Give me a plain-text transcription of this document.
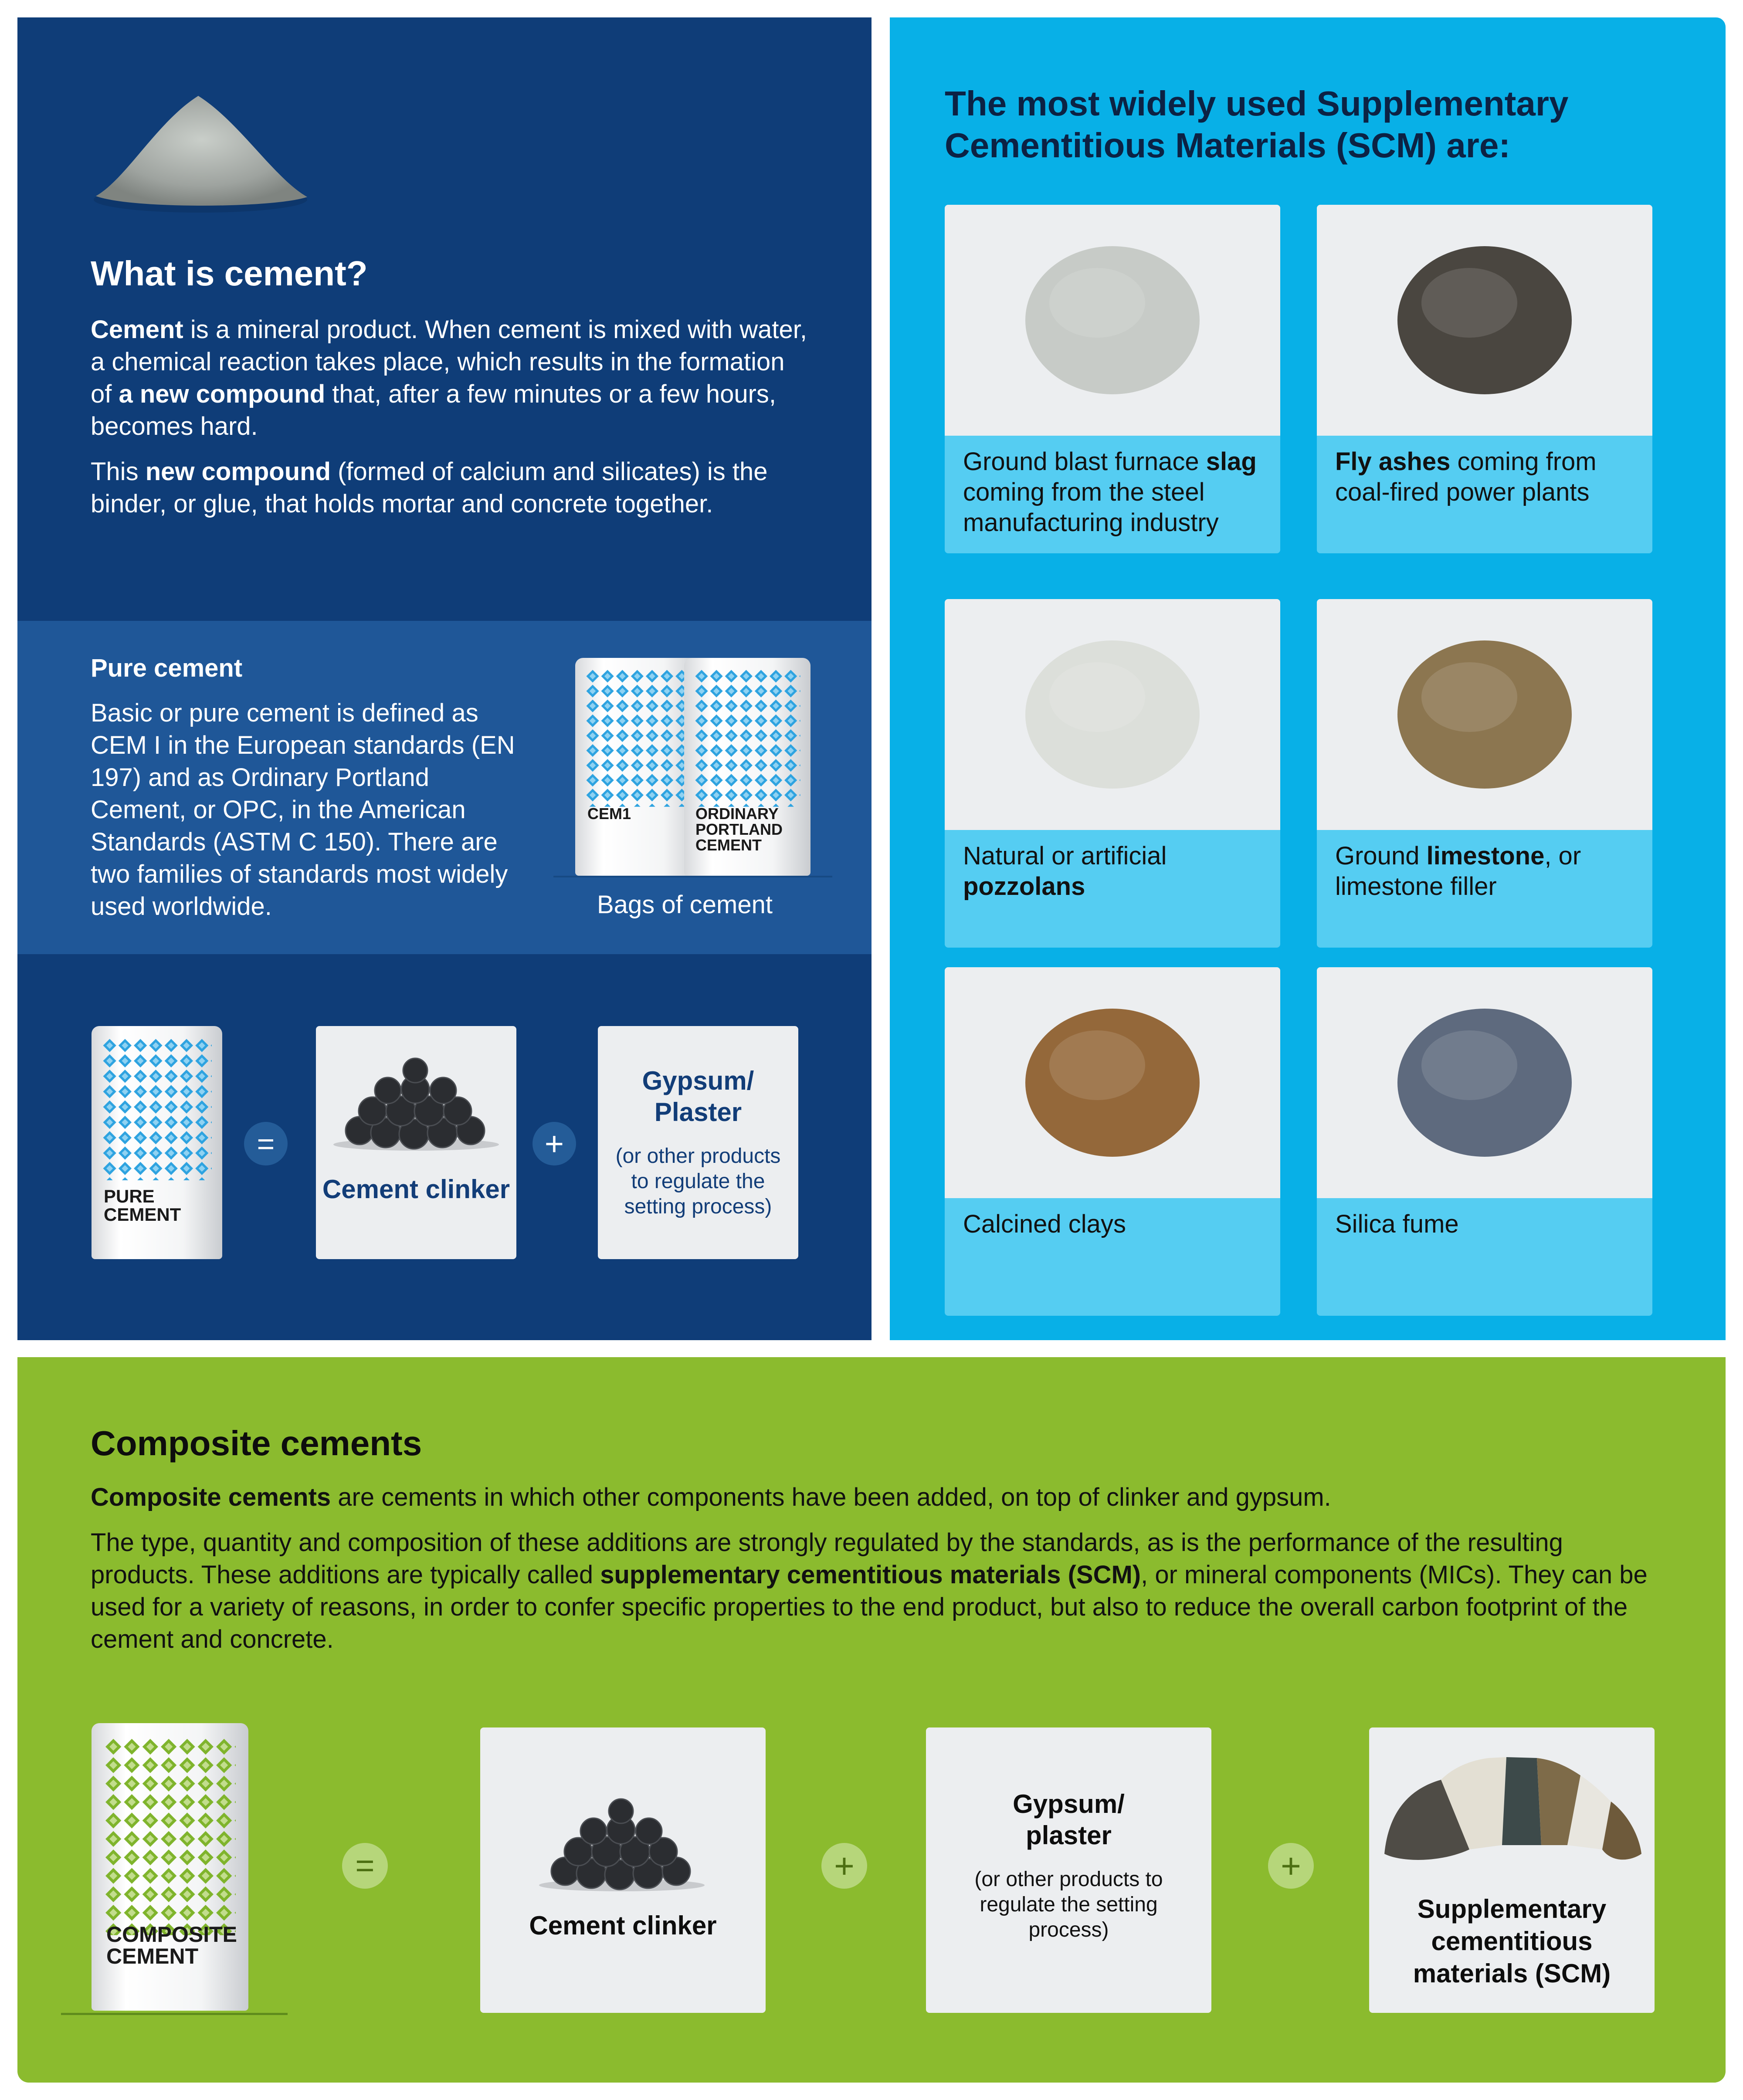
What is cement?

Cement is a mineral product. When cement is mixed with water, a chemical reaction takes place, which results in the formation of a new compound that, after a few minutes or a few hours, becomes hard.

This new compound (formed of calcium and silicates) is the binder, or glue, that holds mortar and concrete together.

Pure cement
Basic or pure cement is defined as CEM I in the European standards (EN 197) and as Ordinary Portland Cement, or OPC, in the American Standards (ASTM C 150). There are two families of standards most widely used worldwide.
CEM1	ORDINARY PORTLAND CEMENT
Bags of cement
PURE CEMENT
=
Cement clinker
+
Gypsum/ Plaster
(or other products to regulate the setting process)
The most widely used Supplementary Cementitious Materials (SCM) are:
Ground blast furnace slag coming from the steel manufacturing industry
Fly ashes coming from coal-fired power plants
Natural or artificial pozzolans
Ground limestone, or limestone filler
Calcined clays	Silica fume
Composite cements

Composite cements are cements in which other components have been added, on top of clinker and gypsum.

The type, quantity and composition of these additions are strongly regulated by the standards, as is the performance of the resulting products. These additions are typically called supplementary cementitious materials (SCM), or mineral components (MICs). They can be used for a variety of reasons, in order to confer specific properties to the end product, but also to reduce the overall carbon footprint of the cement and concrete.

COMPOSITE CEMENT
=
Cement clinker
+
Gypsum/ plaster
(or other products to regulate the setting process)
+
Supplementary cementitious materials (SCM)
